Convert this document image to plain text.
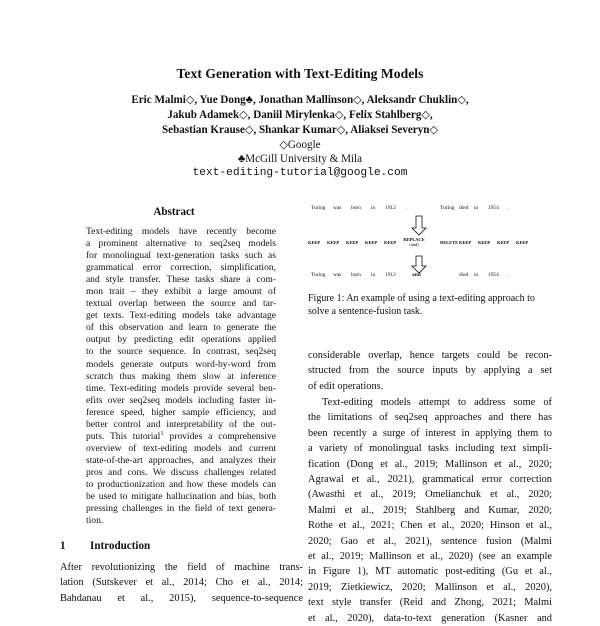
Text Generation with Text-Editing Models
Eric Malmi◇, Yue Dong♣, Jonathan Mallinson◇, Aleksandr Chuklin◇,
Jakub Adamek◇, Daniil Mirylenka◇, Felix Stahlberg◇,
Sebastian Krause◇, Shankar Kumar◇, Aliaksei Severyn◇
◇Google
♣McGill University & Mila
text-editing-tutorial@google.com
Abstract
Text-editing models have recently become
a prominent alternative to seq2seq models
for monolingual text-generation tasks such as
grammatical error correction, simplification,
and style transfer. These tasks share a com-
mon trait – they exhibit a large amount of
textual overlap between the source and tar-
get texts. Text-editing models take advantage
of this observation and learn to generate the
output by predicting edit operations applied
to the source sequence. In contrast, seq2seq
models generate outputs word-by-word from
scratch thus making them slow at inference
time. Text-editing models provide several ben-
efits over seq2seq models including faster in-
ference speed, higher sample efficiency, and
better control and interpretability of the out-
puts. This tutorial$^1$ provides a comprehensive
overview of text-editing models and current
state-of-the-art approaches, and analyzes their
pros and cons. We discuss challenges related
to productionization and how these models can
be used to mitigate hallucination and bias, both
pressing challenges in the field of text genera-
tion.
1 Introduction
After revolutionizing the field of machine trans-
lation (Sutskever et al., 2014; Cho et al., 2014;
Bahdanau et al., 2015), sequence-to-sequence
Turing was born in 1912 .	Turing died in 1954 .
KEEP KEEP KEEP KEEP KEEP
REPLACE
(and)	DELETE KEEP KEEP KEEP KEEP
Turing was born in 1912	and	died in 1954 .
Figure 1: An example of using a text-editing approach to solve a sentence-fusion task.
considerable overlap, hence targets could be recon-
structed from the source inputs by applying a set
of edit operations.
Text-editing models attempt to address some of
the limitations of seq2seq approaches and there has
been recently a surge of interest in applying them to
a variety of monolingual tasks including text simpli-
fication (Dong et al., 2019; Mallinson et al., 2020;
Agrawal et al., 2021), grammatical error correction
(Awasthi et al., 2019; Omelianchuk et al., 2020;
Malmi et al., 2019; Stahlberg and Kumar, 2020;
Rothe et al., 2021; Chen et al., 2020; Hinson et al.,
2020; Gao et al., 2021), sentence fusion (Malmi
et al., 2019; Mallinson et al., 2020) (see an example
in Figure 1), MT automatic post-editing (Gu et al.,
2019; Zietkiewicz, 2020; Mallinson et al., 2020),
text style transfer (Reid and Zhong, 2021; Malmi
et al., 2020), data-to-text generation (Kasner and
